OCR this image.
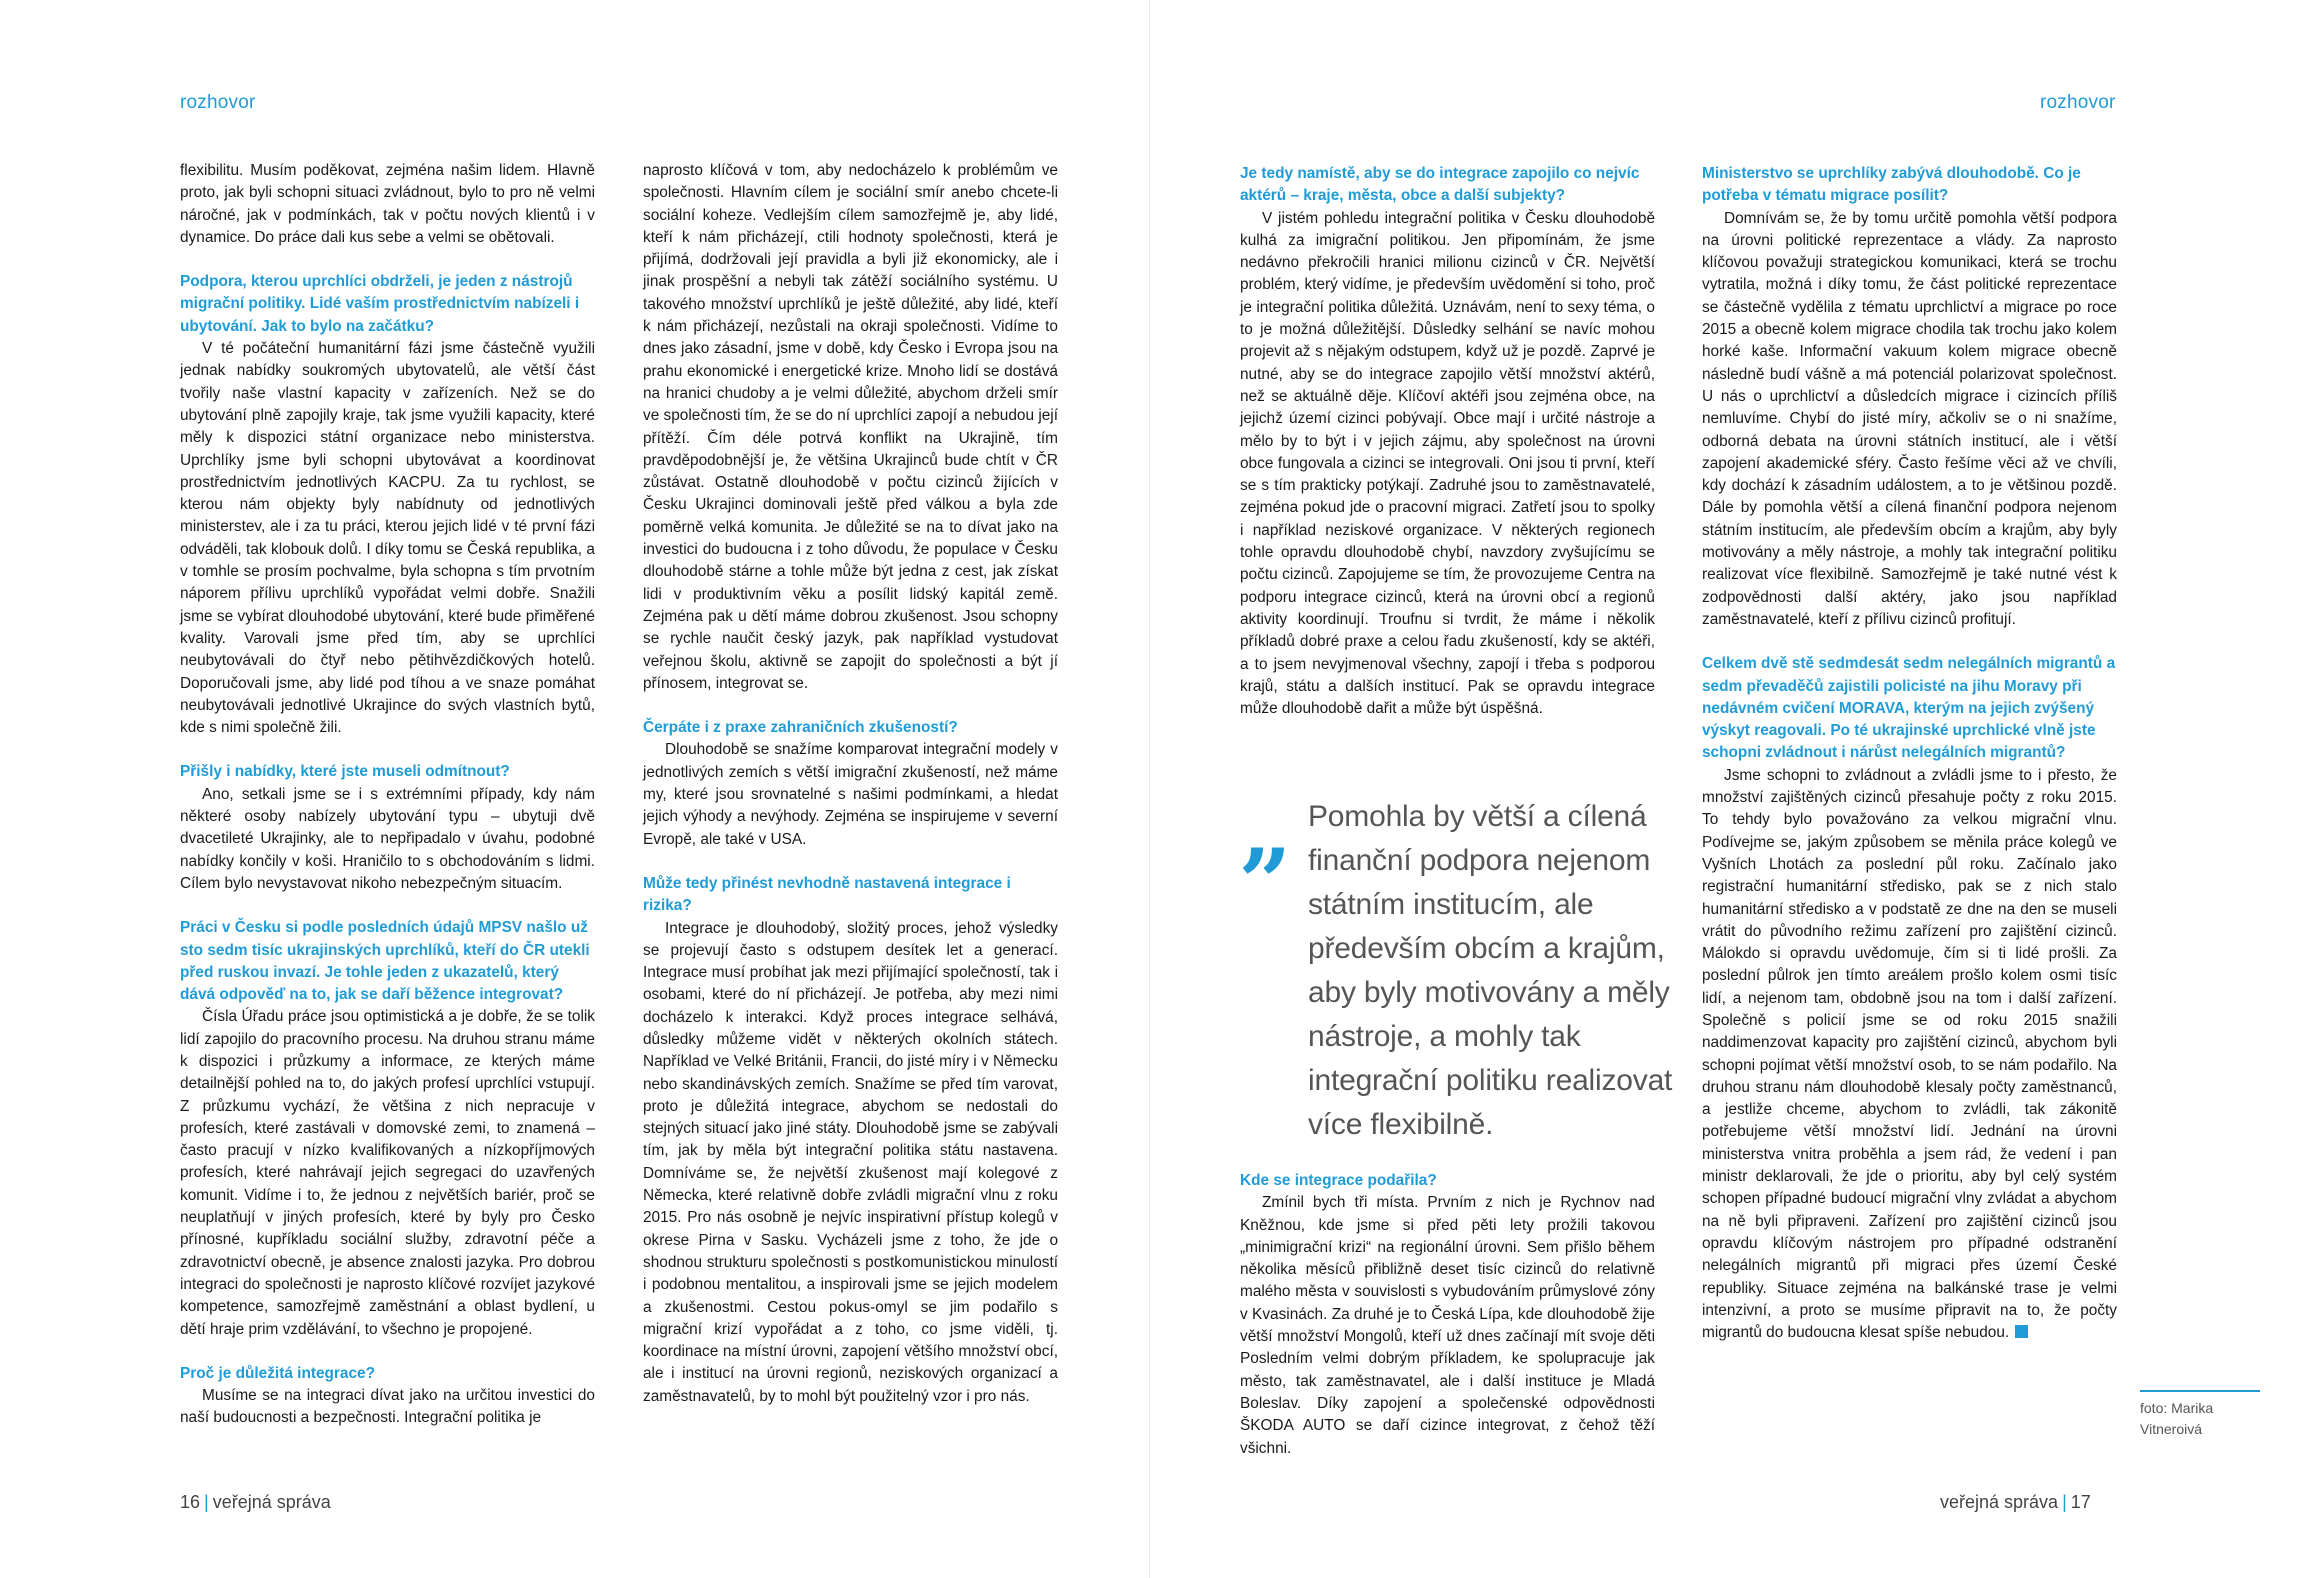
rozhovor

flexibilitu. Musím poděkovat, zejména našim lidem. Hlavně proto, jak byli schopni situaci zvládnout, bylo to pro ně velmi náročné, jak v podmínkách, tak v počtu nových klientů i v dynamice. Do práce dali kus sebe a velmi se obětovali.

Podpora, kterou uprchlíci obdrželi, je jeden z nástrojů migrační politiky. Lidé vaším prostřednictvím nabízeli i ubytování. Jak to bylo na začátku?

V té počáteční humanitární fázi jsme částečně využili jednak nabídky soukromých ubytovatelů, ale větší část tvořily naše vlastní kapacity v zařízeních. Než se do ubytování plně zapojily kraje, tak jsme využili kapacity, které měly k dispozici státní organizace nebo ministerstva. Uprchlíky jsme byli schopni ubytovávat a koordinovat prostřednictvím jednotlivých KACPU. Za tu rychlost, se kterou nám objekty byly nabídnuty od jednotlivých ministerstev, ale i za tu práci, kterou jejich lidé v té první fázi odváděli, tak klobouk dolů. I díky tomu se Česká republika, a v tomhle se prosím pochvalme, byla schopna s tím prvotním náporem přílivu uprchlíků vypořádat velmi dobře. Snažili jsme se vybírat dlouhodobé ubytování, které bude přiměřené kvality. Varovali jsme před tím, aby se uprchlíci neubytovávali do čtyř nebo pětihvězdičkových hotelů. Doporučovali jsme, aby lidé pod tíhou a ve snaze pomáhat neubytovávali jednotlivé Ukrajince do svých vlastních bytů, kde s nimi společně žili.

Přišly i nabídky, které jste museli odmítnout?

Ano, setkali jsme se i s extrémními případy, kdy nám některé osoby nabízely ubytování typu – ubytuji dvě dvacetileté Ukrajinky, ale to nepřipadalo v úvahu, podobné nabídky končily v koši. Hraničilo to s obchodováním s lidmi. Cílem bylo nevystavovat nikoho nebezpečným situacím.

Práci v Česku si podle posledních údajů MPSV našlo už sto sedm tisíc ukrajinských uprchlíků, kteří do ČR utekli před ruskou invazí. Je tohle jeden z ukazatelů, který dává odpověď na to, jak se daří běžence integrovat?

Čísla Úřadu práce jsou optimistická a je dobře, že se tolik lidí zapojilo do pracovního procesu. Na druhou stranu máme k dispozici i průzkumy a informace, ze kterých máme detailnější pohled na to, do jakých profesí uprchlíci vstupují. Z průzkumu vychází, že většina z nich nepracuje v profesích, které zastávali v domovské zemi, to znamená – často pracují v nízko kvalifikovaných a nízkopříjmových profesích, které nahrávají jejich segregaci do uzavřených komunit. Vidíme i to, že jednou z největších bariér, proč se neuplatňují v jiných profesích, které by byly pro Česko přínosné, kupříkladu sociální služby, zdravotní péče a zdravotnictví obecně, je absence znalosti jazyka. Pro dobrou integraci do společnosti je naprosto klíčové rozvíjet jazykové kompetence, samozřejmě zaměstnání a oblast bydlení, u dětí hraje prim vzdělávání, to všechno je propojené.

Proč je důležitá integrace?

Musíme se na integraci dívat jako na určitou investici do naší budoucnosti a bezpečnosti. Integrační politika je

naprosto klíčová v tom, aby nedocházelo k problémům ve společnosti. Hlavním cílem je sociální smír anebo chcete-li sociální koheze. Vedlejším cílem samozřejmě je, aby lidé, kteří k nám přicházejí, ctili hodnoty společnosti, která je přijímá, dodržovali její pravidla a byli již ekonomicky, ale i jinak prospěšní a nebyli tak zátěží sociálního systému. U takového množství uprchlíků je ještě důležité, aby lidé, kteří k nám přicházejí, nezůstali na okraji společnosti. Vidíme to dnes jako zásadní, jsme v době, kdy Česko i Evropa jsou na prahu ekonomické i energetické krize. Mnoho lidí se dostává na hranici chudoby a je velmi důležité, abychom drželi smír ve společnosti tím, že se do ní uprchlíci zapojí a nebudou její přítěží. Čím déle potrvá konflikt na Ukrajině, tím pravděpodobnější je, že většina Ukrajinců bude chtít v ČR zůstávat. Ostatně dlouhodobě v počtu cizinců žijících v Česku Ukrajinci dominovali ještě před válkou a byla zde poměrně velká komunita. Je důležité se na to dívat jako na investici do budoucna i z toho důvodu, že populace v Česku dlouhodobě stárne a tohle může být jedna z cest, jak získat lidi v produktivním věku a posílit lidský kapitál země. Zejména pak u dětí máme dobrou zkušenost. Jsou schopny se rychle naučit český jazyk, pak například vystudovat veřejnou školu, aktivně se zapojit do společnosti a být jí přínosem, integrovat se.

Čerpáte i z praxe zahraničních zkušeností?

Dlouhodobě se snažíme komparovat integrační modely v jednotlivých zemích s větší imigrační zkušeností, než máme my, které jsou srovnatelné s našimi podmínkami, a hledat jejich výhody a nevýhody. Zejména se inspirujeme v severní Evropě, ale také v USA.

Může tedy přinést nevhodně nastavená integrace i rizika?

Integrace je dlouhodobý, složitý proces, jehož výsledky se projevují často s odstupem desítek let a generací. Integrace musí probíhat jak mezi přijímající společností, tak i osobami, které do ní přicházejí. Je potřeba, aby mezi nimi docházelo k interakci. Když proces integrace selhává, důsledky můžeme vidět v některých okolních státech. Například ve Velké Británii, Francii, do jisté míry i v Německu nebo skandinávských zemích. Snažíme se před tím varovat, proto je důležitá integrace, abychom se nedostali do stejných situací jako jiné státy. Dlouhodobě jsme se zabývali tím, jak by měla být integrační politika státu nastavena. Domníváme se, že největší zkušenost mají kolegové z Německa, které relativně dobře zvládli migrační vlnu z roku 2015. Pro nás osobně je nejvíc inspirativní přístup kolegů v okrese Pirna v Sasku. Vycházeli jsme z toho, že jde o shodnou strukturu společnosti s postkomunistickou minulostí i podobnou mentalitou, a inspirovali jsme se jejich modelem a zkušenostmi. Cestou pokus-omyl se jim podařilo s migrační krizí vypořádat a z toho, co jsme viděli, tj. koordinace na místní úrovni, zapojení většího množství obcí, ale i institucí na úrovni regionů, neziskových organizací a zaměstnavatelů, by to mohl být použitelný vzor i pro nás.

16 | veřejná správa
rozhovor
veřejná správa | 17

Je tedy namístě, aby se do integrace zapojilo co nejvíc aktérů – kraje, města, obce a další subjekty?

V jistém pohledu integrační politika v Česku dlouhodobě kulhá za imigrační politikou. Jen připomínám, že jsme nedávno překročili hranici milionu cizinců v ČR. Největší problém, který vidíme, je především uvědomění si toho, proč je integrační politika důležitá. Uznávám, není to sexy téma, o to je možná důležitější. Důsledky selhání se navíc mohou projevit až s nějakým odstupem, když už je pozdě. Zaprvé je nutné, aby se do integrace zapojilo větší množství aktérů, než se aktuálně děje. Klíčoví aktéři jsou zejména obce, na jejichž území cizinci pobývají. Obce mají i určité nástroje a mělo by to být i v jejich zájmu, aby společnost na úrovni obce fungovala a cizinci se integrovali. Oni jsou ti první, kteří se s tím prakticky potýkají. Zadruhé jsou to zaměstnavatelé, zejména pokud jde o pracovní migraci. Zatřetí jsou to spolky i například neziskové organizace. V některých regionech tohle opravdu dlouhodobě chybí, navzdory zvyšujícímu se počtu cizinců. Zapojujeme se tím, že provozujeme Centra na podporu integrace cizinců, která na úrovni obcí a regionů aktivity koordinují. Troufnu si tvrdit, že máme i několik příkladů dobré praxe a celou řadu zkušeností, kdy se aktéři, a to jsem nevyjmenoval všechny, zapojí i třeba s podporou krajů, státu a dalších institucí. Pak se opravdu integrace může dlouhodobě dařit a může být úspěšná.

„ Pomohla by větší a cílená finanční podpora nejenom státním institucím, ale především obcím a krajům, aby byly motivovány a měly nástroje, a mohly tak integrační politiku realizovat více flexibilně.

Kde se integrace podařila?

Zmínil bych tři místa. Prvním z nich je Rychnov nad Kněžnou, kde jsme si před pěti lety prožili takovou „minimigrační krizi“ na regionální úrovni. Sem přišlo během několika měsíců přibližně deset tisíc cizinců do relativně malého města v souvislosti s vybudováním průmyslové zóny v Kvasinách. Za druhé je to Česká Lípa, kde dlouhodobě žije větší množství Mongolů, kteří už dnes začínají mít svoje děti Posledním velmi dobrým příkladem, ke spolupracuje jak město, tak zaměstnavatel, ale i další instituce je Mladá Boleslav. Díky zapojení a společenské odpovědnosti ŠKODA AUTO se daří cizince integrovat, z čehož těží všichni.

Ministerstvo se uprchlíky zabývá dlouhodobě. Co je potřeba v tématu migrace posílit?

Domnívám se, že by tomu určitě pomohla větší podpora na úrovni politické reprezentace a vlády. Za naprosto klíčovou považuji strategickou komunikaci, která se trochu vytratila, možná i díky tomu, že část politické reprezentace se částečně vydělila z tématu uprchlictví a migrace po roce 2015 a obecně kolem migrace chodila tak trochu jako kolem horké kaše. Informační vakuum kolem migrace obecně následně budí vášně a má potenciál polarizovat společnost. U nás o uprchlictví a důsledcích migrace i cizincích příliš nemluvíme. Chybí do jisté míry, ačkoliv se o ni snažíme, odborná debata na úrovni státních institucí, ale i větší zapojení akademické sféry. Často řešíme věci až ve chvíli, kdy dochází k zásadním událostem, a to je většinou pozdě. Dále by pomohla větší a cílená finanční podpora nejenom státním institucím, ale především obcím a krajům, aby byly motivovány a měly nástroje, a mohly tak integrační politiku realizovat více flexibilně. Samozřejmě je také nutné vést k zodpovědnosti další aktéry, jako jsou například zaměstnavatelé, kteří z přílivu cizinců profitují.

Celkem dvě stě sedmdesát sedm nelegálních migrantů a sedm převaděčů zajistili policisté na jihu Moravy při nedávném cvičení MORAVA, kterým na jejich zvýšený výskyt reagovali. Po té ukrajinské uprchlické vlně jste schopni zvládnout i nárůst nelegálních migrantů?

Jsme schopni to zvládnout a zvládli jsme to i přesto, že množství zajištěných cizinců přesahuje počty z roku 2015. To tehdy bylo považováno za velkou migrační vlnu. Podívejme se, jakým způsobem se měnila práce kolegů ve Vyšních Lhotách za poslední půl roku. Začínalo jako registrační humanitární středisko, pak se z nich stalo humanitární středisko a v podstatě ze dne na den se museli vrátit do původního režimu zařízení pro zajištění cizinců. Málokdo si opravdu uvědomuje, čím si ti lidé prošli. Za poslední půlrok jen tímto areálem prošlo kolem osmi tisíc lidí, a nejenom tam, obdobně jsou na tom i další zařízení. Společně s policií jsme se od roku 2015 snažili naddimenzovat kapacity pro zajištění cizinců, abychom byli schopni pojímat větší množství osob, to se nám podařilo. Na druhou stranu nám dlouhodobě klesaly počty zaměstnanců, a jestliže chceme, abychom to zvládli, tak zákonitě potřebujeme větší množství lidí. Jednání na úrovni ministerstva vnitra proběhla a jsem rád, že vedení i pan ministr deklarovali, že jde o prioritu, aby byl celý systém schopen případné budoucí migrační vlny zvládat a abychom na ně byli připraveni. Zařízení pro zajištění cizinců jsou opravdu klíčovým nástrojem pro případné odstranění nelegálních migrantů při migraci přes území České republiky. Situace zejména na balkánské trase je velmi intenzivní, a proto se musíme připravit na to, že počty migrantů do budoucna klesat spíše nebudou.

foto: Marika
Vitneroivá
